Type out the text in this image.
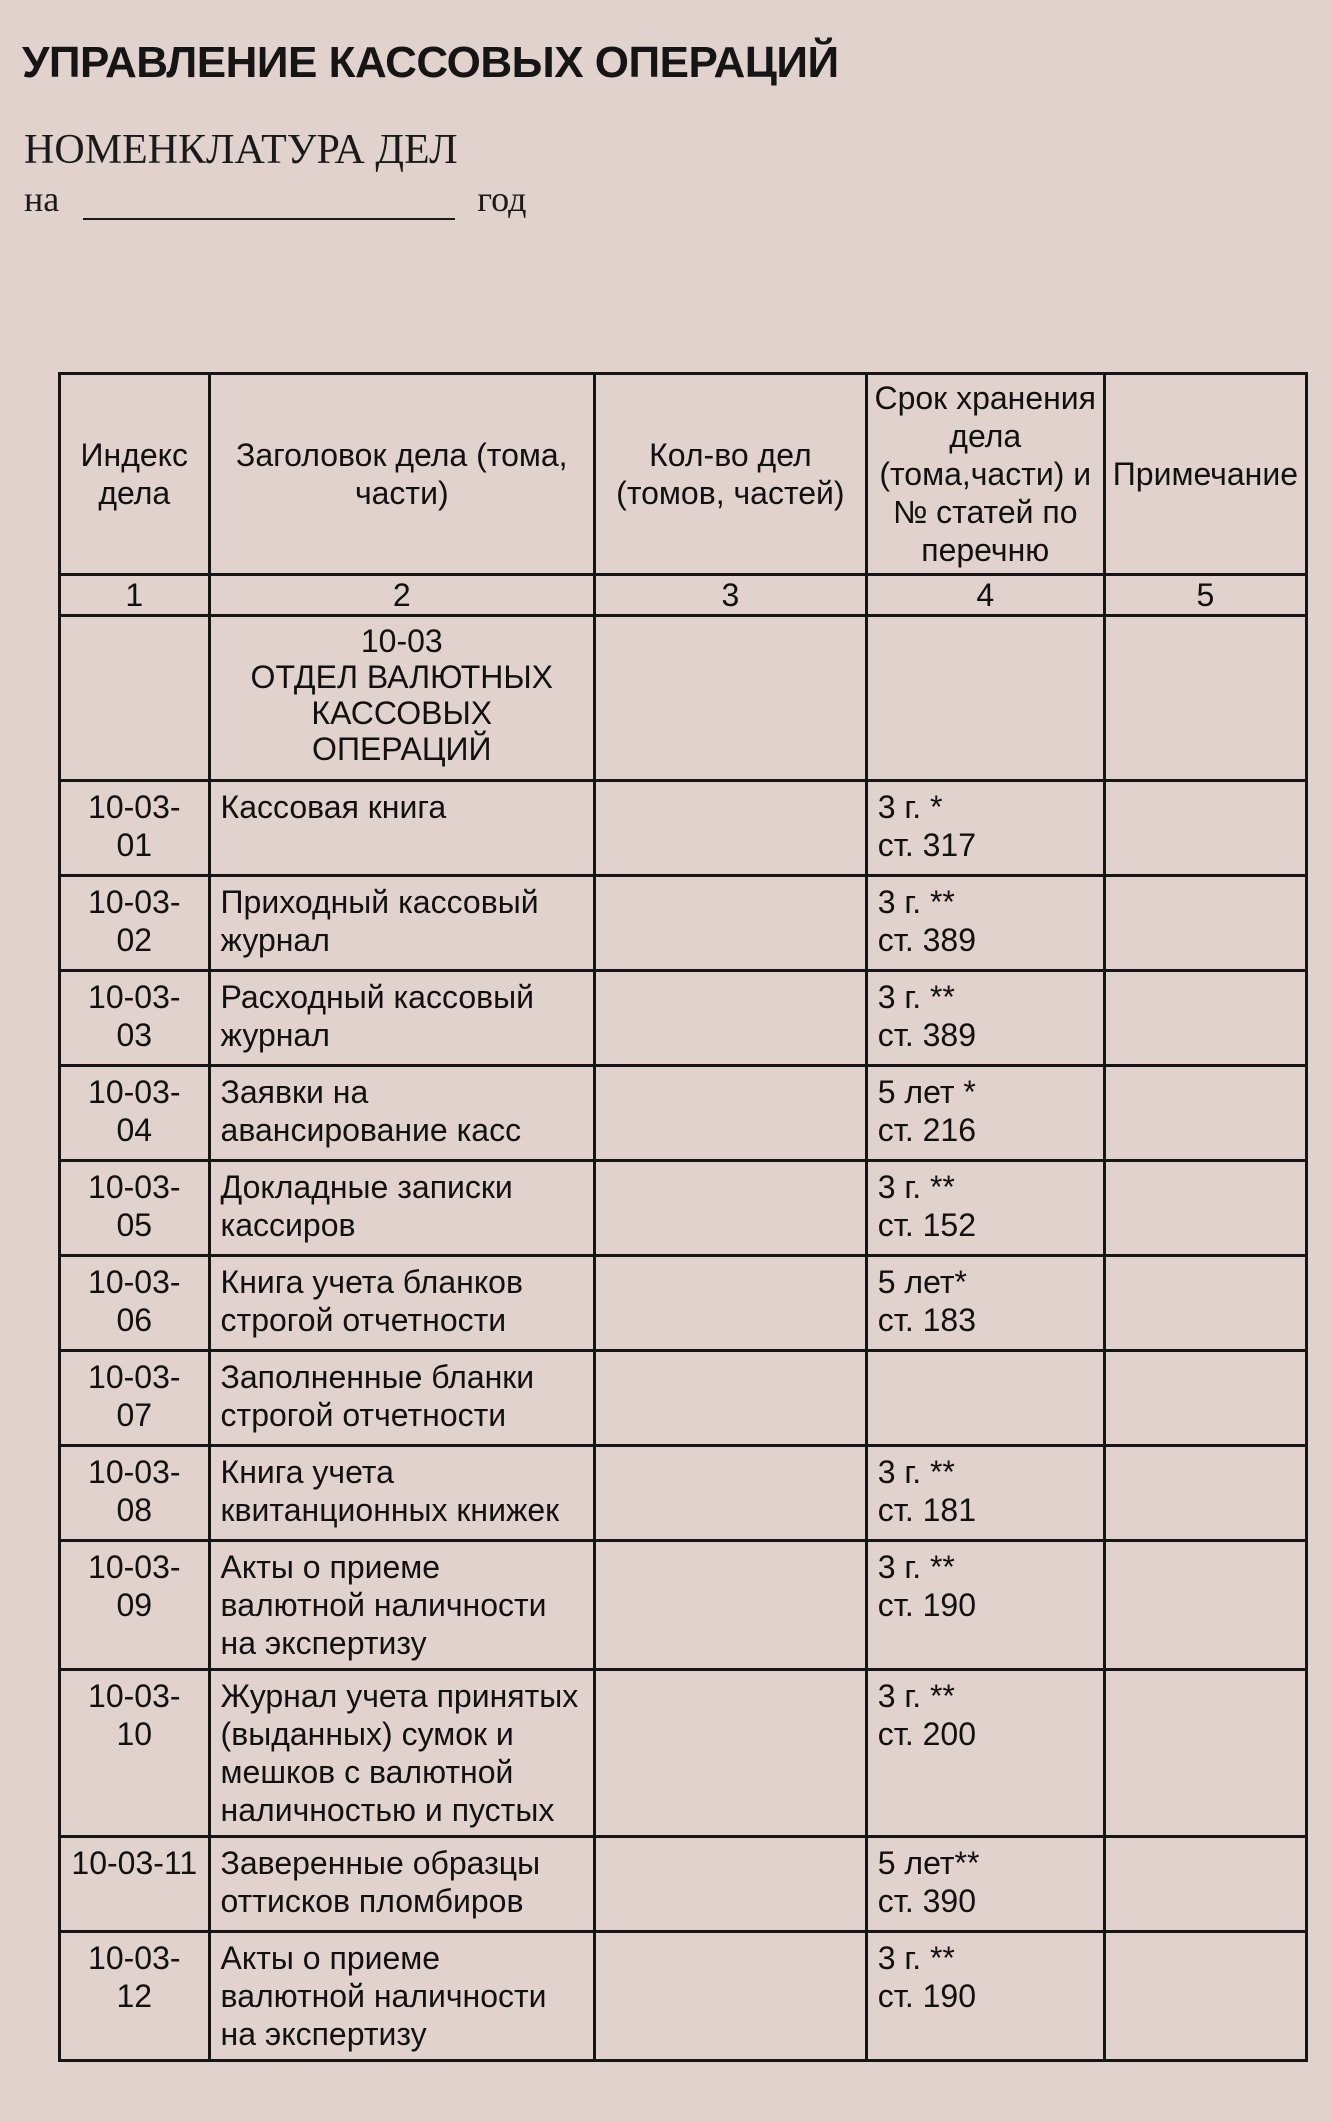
УПРАВЛЕНИЕ КАССОВЫХ ОПЕРАЦИЙ
НОМЕНКЛАТУРА ДЕЛ
на	год
Индекс дела	Заголовок дела (тома, части)	Кол-во дел (томов, частей)	Срок хранения дела (тома,части) и № статей по перечню	Примечание
1	2	3	4	5

	10-03
ОТДЕЛ ВАЛЮТНЫХ КАССОВЫХ ОПЕРАЦИЙ			

10-03-01	Кассовая книга		3 г. *
ст. 317	

10-03-02	Приходный кассовый журнал		3 г. **
ст. 389	

10-03-03	Расходный кассовый журнал		3 г. **
ст. 389	

10-03-04	Заявки на авансирование касс		5 лет *
ст. 216	

10-03-05	Докладные записки кассиров		3 г. **
ст. 152	

10-03-06	Книга учета бланков строгой отчетности		5 лет*
ст. 183	

10-03-07	Заполненные бланки строгой отчетности		

10-03-08	Книга учета квитанционных книжек		3 г. **
ст. 181	

10-03-09	Акты о приеме валютной наличности на экспертизу		3 г. **
ст. 190	

10-03-10	Журнал учета принятых (выданных) сумок и мешков с валютной наличностью и пустых		3 г. **
ст. 200	

10-03-11	Заверенные образцы оттисков пломбиров		5 лет**
ст. 390	

10-03-12	Акты о приеме валютной наличности на экспертизу		3 г. **
ст. 190	
